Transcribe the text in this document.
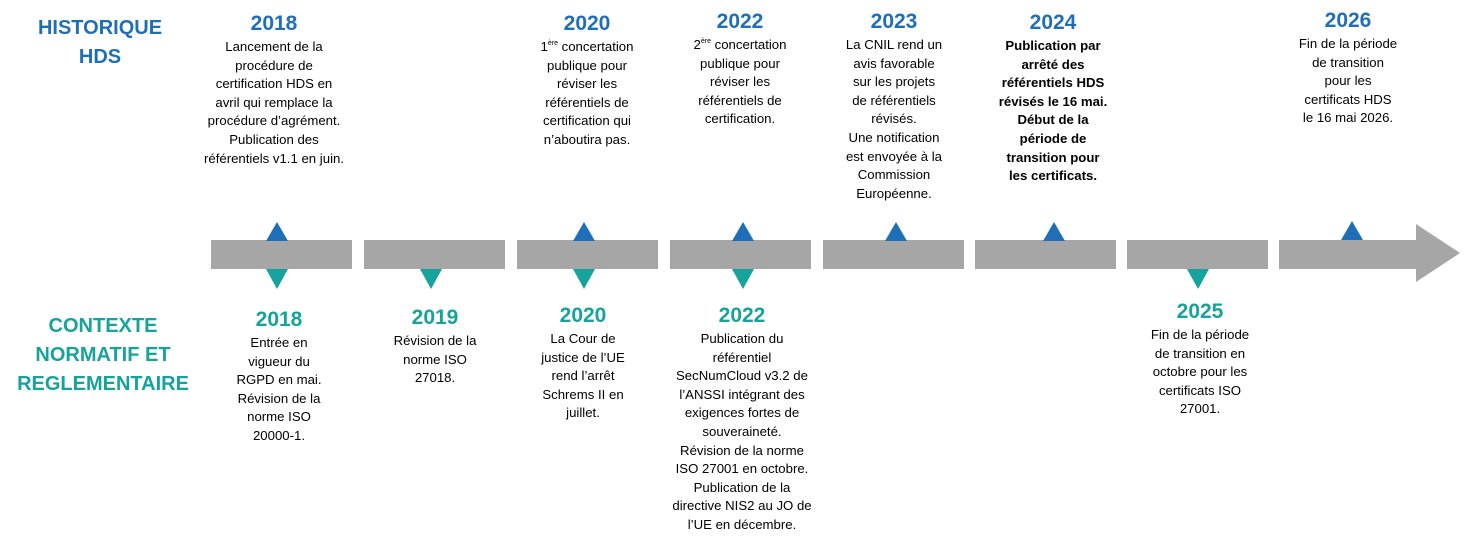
HISTORIQUE
HDS
CONTEXTE
NORMATIF ET
REGLEMENTAIRE
2018
Lancement de la
procédure de
certification HDS en
avril qui remplace la
procédure d’agrément.
Publication des
référentiels v1.1 en juin.
2020
1ère concertation
publique pour
réviser les
référentiels de
certification qui
n’aboutira pas.
2022
2ère concertation
publique pour
réviser les
référentiels de
certification.
2023
La CNIL rend un
avis favorable
sur les projets
de référentiels
révisés.
Une notification
est envoyée à la
Commission
Européenne.
2024
Publication par
arrêté des
référentiels HDS
révisés le 16 mai.
Début de la
période de
transition pour
les certificats.
2026
Fin de la période
de transition
pour les
certificats HDS
le 16 mai 2026.
2018
Entrée en
vigueur du
RGPD en mai.
Révision de la
norme ISO
20000-1.
2019
Révision de la
norme ISO
27018.
2020
La Cour de
justice de l’UE
rend l’arrêt
Schrems II en
juillet.
2022
Publication du
référentiel
SecNumCloud v3.2 de
l’ANSSI intégrant des
exigences fortes de
souveraineté.
Révision de la norme
ISO 27001 en octobre.
Publication de la
directive NIS2 au JO de
l’UE en décembre.
2025
Fin de la période
de transition en
octobre pour les
certificats ISO
27001.
